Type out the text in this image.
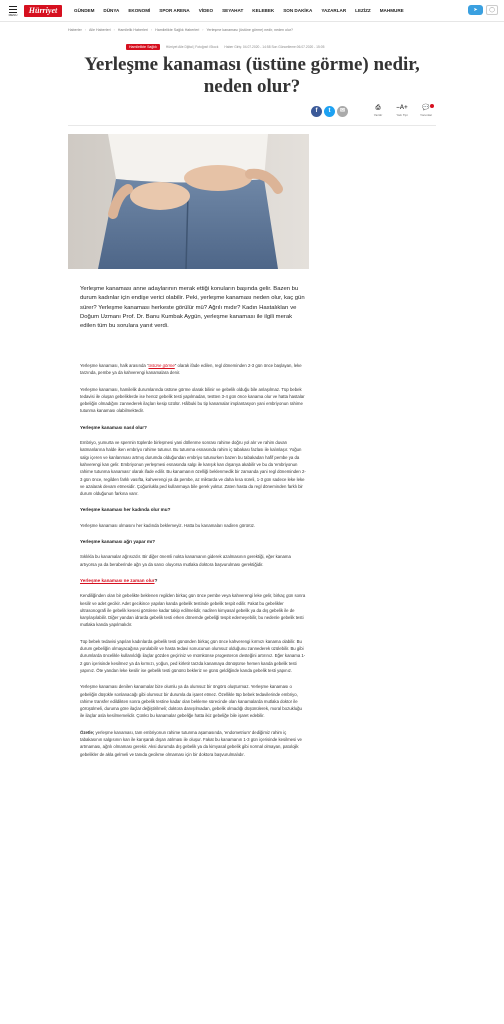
MENU	Hürriyet	GÜNDEM DÜNYA EKONOMİ SPOR ARENA VİDEO SEYAHAT KELEBEK SON DAKİKA YAZARLAR LEZİZZ MAHMURE	➤	◯
Haberler › Aile Haberleri › Hamilelik Haberleri › Hamilelikte Sağlık Haberleri › Yerleşme kanaması (üstüne görme) nedir, neden olur?
Hamilelikte Sağlık	Hürriyet Aile Dijital | Fotoğraf: iStock Haber Giriş: 04.07.2020 - 14:58 Son Güncelleme:06.07.2020 - 15:05
Yerleşme kanaması (üstüne görme) nedir, neden olur?
f	t	✉	⎙
Yazdır
–A+
Yazı Tipi
💬
Yorumlar

Yerleşme kanaması anne adaylarının merak ettiği konuların başında gelir. Bazen bu durum kadınlar için endişe verici olabilir. Peki, yerleşme kanaması neden olur, kaç gün sürer? Yerleşme kanaması herkeste görülür mü? Ağrılı mıdır? Kadın Hastalıkları ve Doğum Uzmanı Prof. Dr. Banu Kumbak Aygün, yerleşme kanaması ile ilgili merak edilen tüm bu sorulara yanıt verdi.

Yerleşme kanaması, halk arasında "üstüne görme" olarak ifade edilen, regl döneminden 2-3 gün önce başlayan, leke tarzında, pembe ya da kahverengi kanamalara denir.

Yerleşme kanaması, hamilelik durumlarında üstüne görme olarak bilinir ve gebelik olduğu bile anlaşılmaz. Tüp bebek tedavisi ile oluşan gebeliklerde ise henüz gebelik testi yapılmadan, testten 3-4 gün önce kanama olur ve hatta hastalar gebeliğin olmadığını zannederek ilaçları kesip üzülür. Hâlbuki bu tip kanamalar implantasyon yani embriyonun rahime tutunma kanaması olabilmektedir.

Yerleşme kanaması nasıl olur?

Embriyo, yumurta ve spermin tüplerde birleşmesi yani döllenme sonrası rahime doğru yol alır ve rahim duvarı katmanlarına halde iken embriyo rahime tutunur. Bu tutunma esnasında rahim iç tabakası fazlası ile kalınlaşır. Yoğun salgı içeren ve kanlanması artmış durumda olduğundan embriyo tutunurken bazen bu tabakadan hafif pembe ya da kahverengi kan gelir. Embriyonun yerleşmesi esnasında salgı ile karışık kan dışarıya akabilir ve bu da 'embriyonun rahime tutunma kanaması' olarak ifade edilir. Bu kanamanın özelliği beklenmedik bir zamanda yani regl döneminden 2-3 gün önce, regilden farklı vasıfta, kahverengi ya da pembe, az miktarda ve daha kısa süreli, 1-3 gün sadece leke leke ve azalarak devam etmesidir. Çoğunlukla ped kullanmaya bile gerek yoktur. Zaten hasta da regl döneminden farklı bir durum olduğunun farkına varır.

Yerleşme kanaması her kadında olur mu?

Yerleşme kanaması olmasını her kadında beklemeyiz. Hatta bu kanamaları nadiren görürüz.

Yerleşme kanaması ağrı yapar mı?

Sıklıkla bu kanamalar ağrısızdır. Bir diğer önemli nokta kanamanın giderek azalmasının gerektiği, eğer kanama artıyorsa ya da beraberinde ağrı ya da sancı oluyorsa mutlaka doktora başvurulması gerektiğidir.

Yerleşme kanaması ne zaman olur?

Kendiliğinden olan bir gebelikte beklenen regilden birkaç gün önce pembe veya kahverengi leke gelir, birkaç gün sonra kesilir ve adet gecikir. Adet gecikince yapılan kanda gebelik testinde gebelik tespit edilir. Fakat bu gebelikler ultrasonografi ile gebelik kesesi görülene kadar takip edilmelidir, nadiren kimyasal gebelik ya da dış gebelik ile de karşılaşılabilir. Diğer yandan idrarda gebelik testi erken dönemde gebeliği tespit edemeyebilir, bu nedenle gebelik testi mutlaka kanda yapılmalıdır.

Tüp bebek tedavisi yapılan kadınlarda gebelik testi gününden birkaç gün önce kahverengi kırmızı kanama olabilir. Bu durum gebeliğin olmayacağına yorulabilir ve hasta tedavi sonucunun olumsuz olduğunu zannederek üzülebilir. Bu gibi durumlarda öncelikle kullanıldığı ilaçlar gözden geçiriniz ve mümkünse progesteron desteğini artırınız. Eğer kanama 1-2 gün içerisinde kesilmez ya da kırmızı, yoğun, ped kirletir tarzda kanamaya dönüşürse hemen kanda gebelik testi yapınız. Öte yandan leke kesilir ise gebelik testi gününü bekleriz ve günü geldiğinde kanda gebelik testi yapınız.

Yerleşme kanaması denilen kanamalar bize olumlu ya da olumsuz bir öngörü oluşturmaz. Yerleşme kanaması o gebeliğin düşükle sonlanacağı gibi olumsuz bir durumla da işaret etmez. Özellikle tüp bebek tedavilerinde embriyo, rahime transfer edildikten sonra gebelik testine kadar olan bekleme sürecinde olan kanamalarda mutlaka doktor ile görüşülmeli, duruma göre ilaçlar değiştirilmeli; doktora danışılmadan, gebelik olmadığı düşünülerek, moral bozukluğu ile ilaçlar asla kesilmemelidir. Çünkü bu kanamalar gebeliğe hatta ikiz gebeliğe bile işaret edebilir.

Özetle; yerleşme kanaması, tam embriyonun rahime tutunma aşamasında, 'endometrium' dediğimiz rahim iç tabakasının salgısının kan ile karışarak dışarı atılması ile oluşur. Fakat bu kanamanın 1-3 gün içerisinde kesilmesi ve artmaması, ağrılı olmaması gerekir. Aksi durumda dış gebelik ya da kimyasal gebelik gibi normal olmayan, patolojik gebelikler de akla gelmeli ve tanıda gecikme olmaması için bir doktora başvurulmalıdır.
